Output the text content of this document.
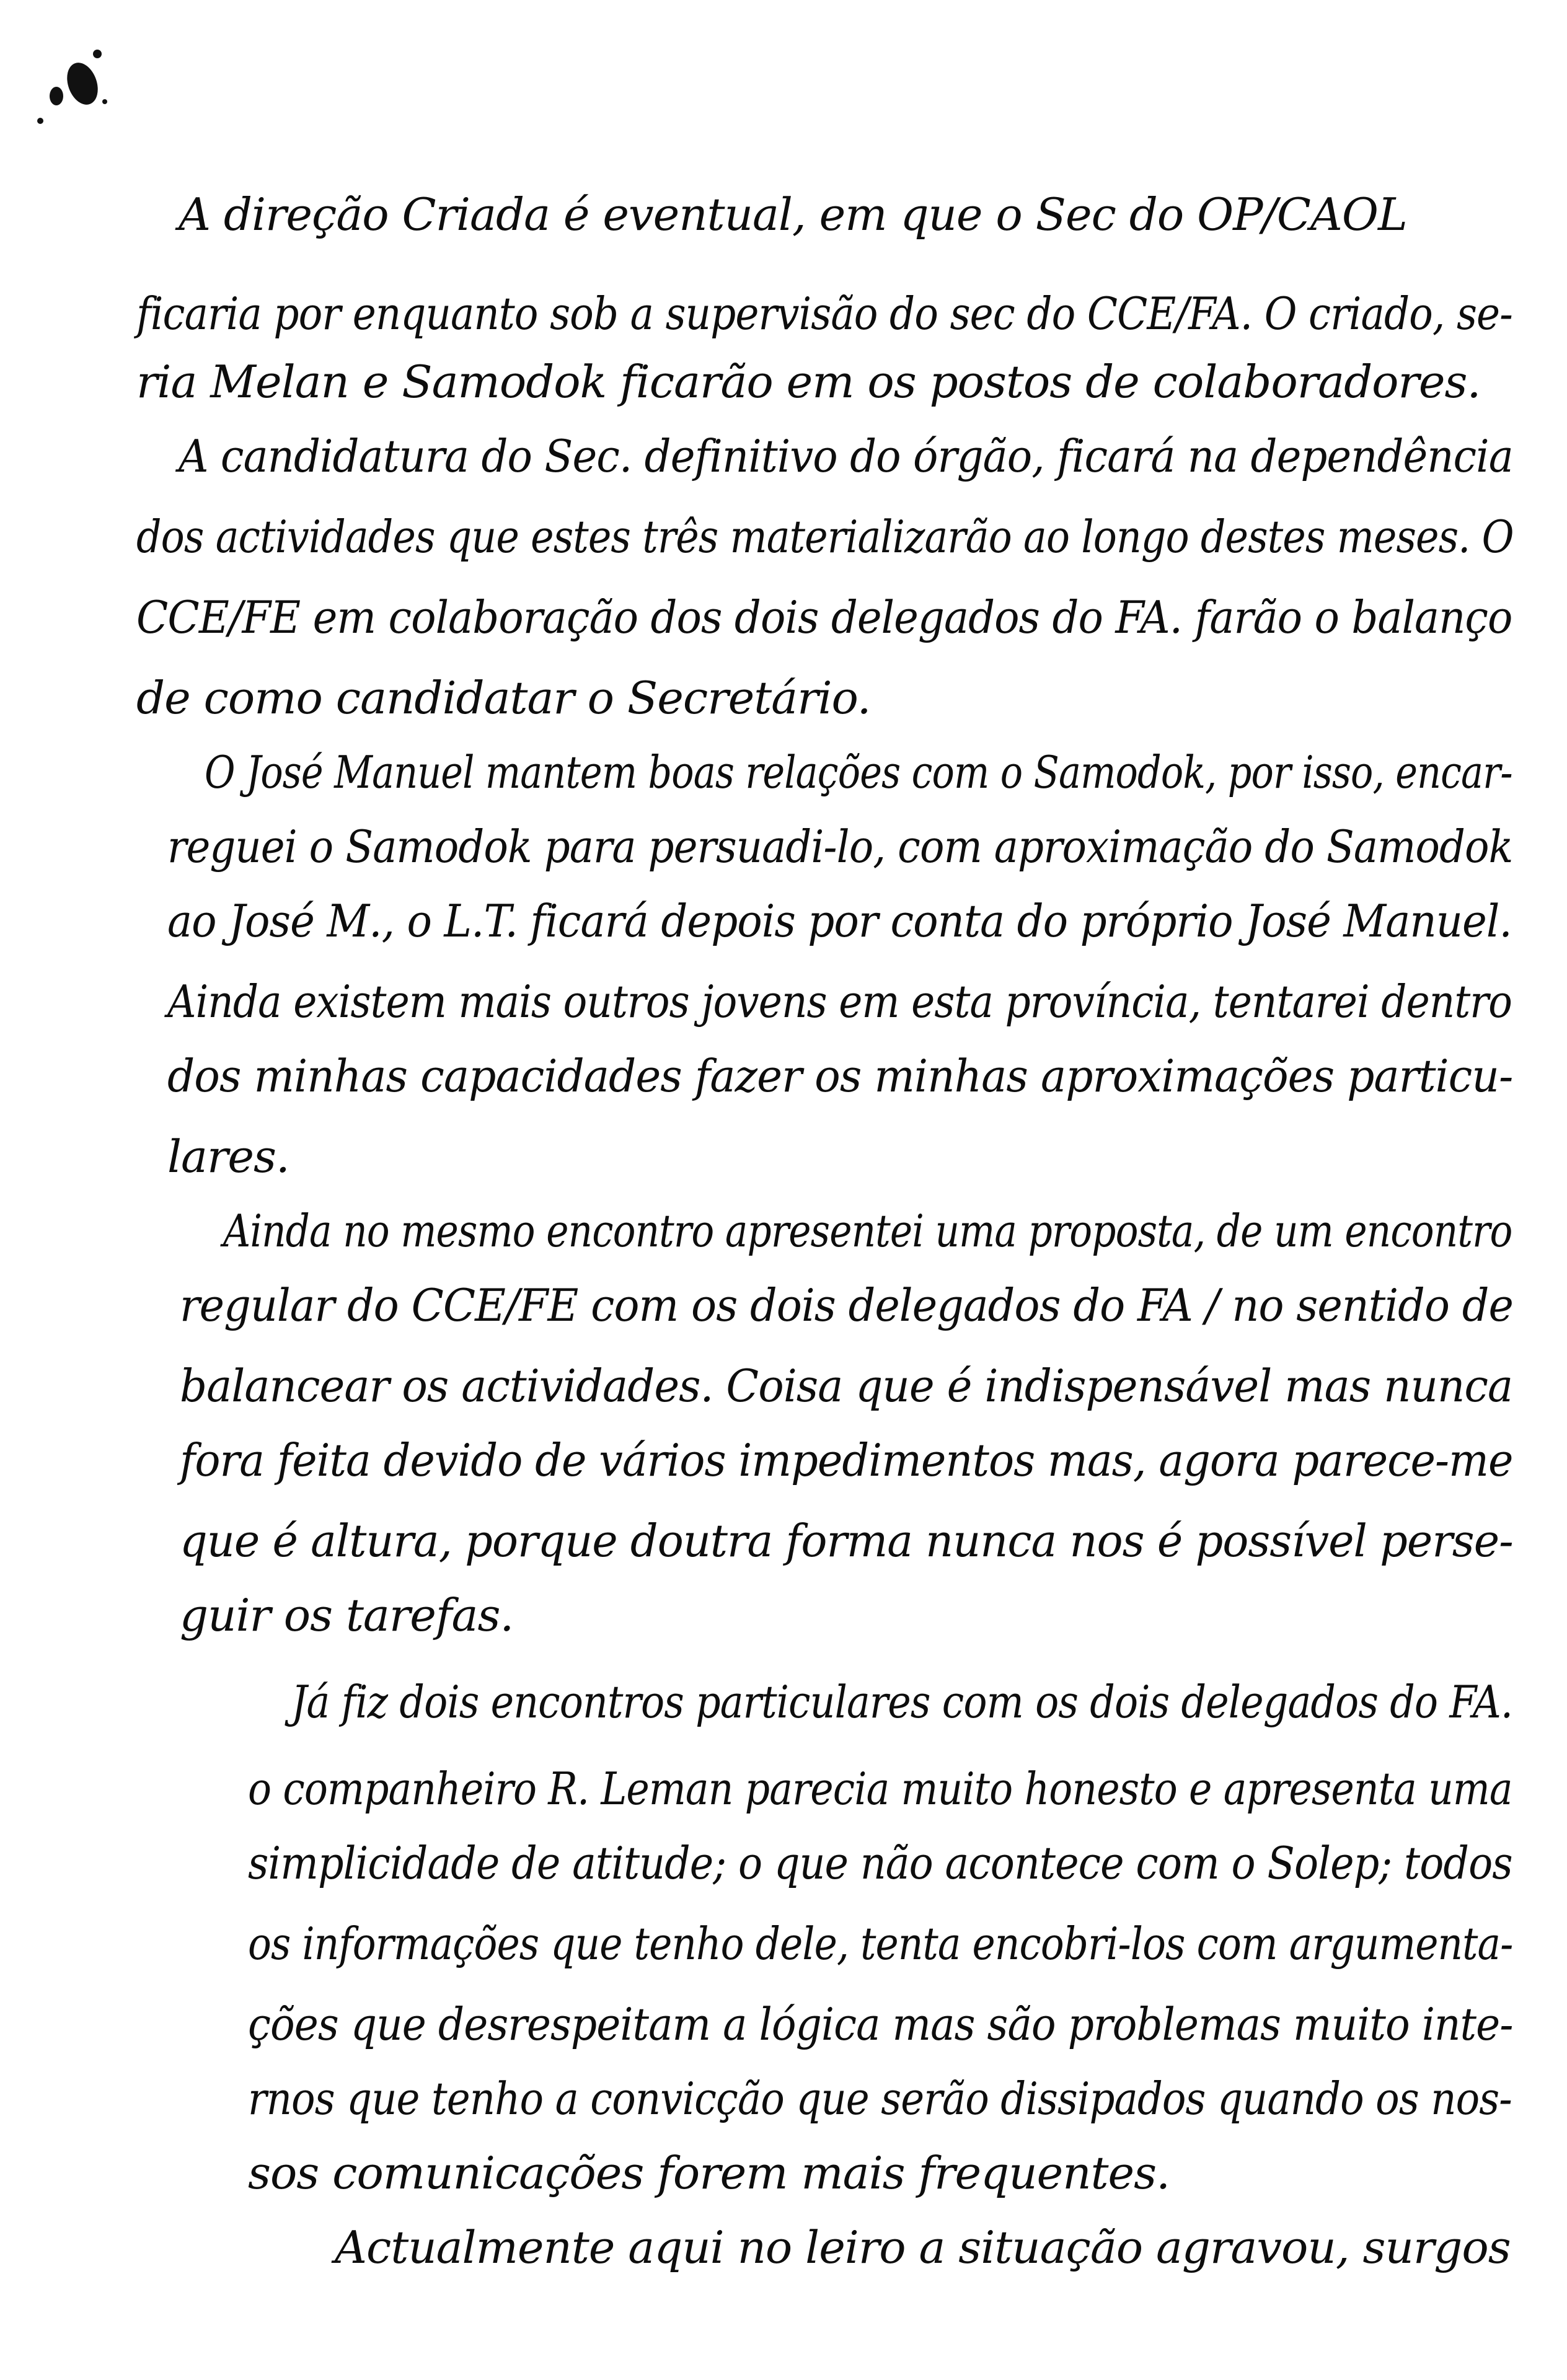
A direção Criada é eventual, em que o Sec do OP/CAOL
ficaria por enquanto sob a supervisão do sec do CCE/FA. O criado, se-
ria Melan e Samodok ficarão em os postos de colaboradores.
A candidatura do Sec. definitivo do órgão, ficará na dependência
dos actividades que estes três materializarão ao longo destes meses. O
CCE/FE em colaboração dos dois delegados do FA. farão o balanço
de como candidatar o Secretário.
O José Manuel mantem boas relações com o Samodok, por isso, encar-
reguei o Samodok para persuadi-lo, com aproximação do Samodok
ao José M., o L.T. ficará depois por conta do próprio José Manuel.
Ainda existem mais outros jovens em esta província, tentarei dentro
dos minhas capacidades fazer os minhas aproximações particu-
lares.
Ainda no mesmo encontro apresentei uma proposta, de um encontro
regular do CCE/FE com os dois delegados do FA / no sentido de
balancear os actividades. Coisa que é indispensável mas nunca
fora feita devido de vários impedimentos mas, agora parece-me
que é altura, porque doutra forma nunca nos é possível perse-
guir os tarefas.
Já fiz dois encontros particulares com os dois delegados do FA.
o companheiro R. Leman parecia muito honesto e apresenta uma
simplicidade de atitude; o que não acontece com o Solep; todos
os informações que tenho dele, tenta encobri-los com argumenta-
ções que desrespeitam a lógica mas são problemas muito inte-
rnos que tenho a convicção que serão dissipados quando os nos-
sos comunicações forem mais frequentes.
Actualmente aqui no leiro a situação agravou, surgos
